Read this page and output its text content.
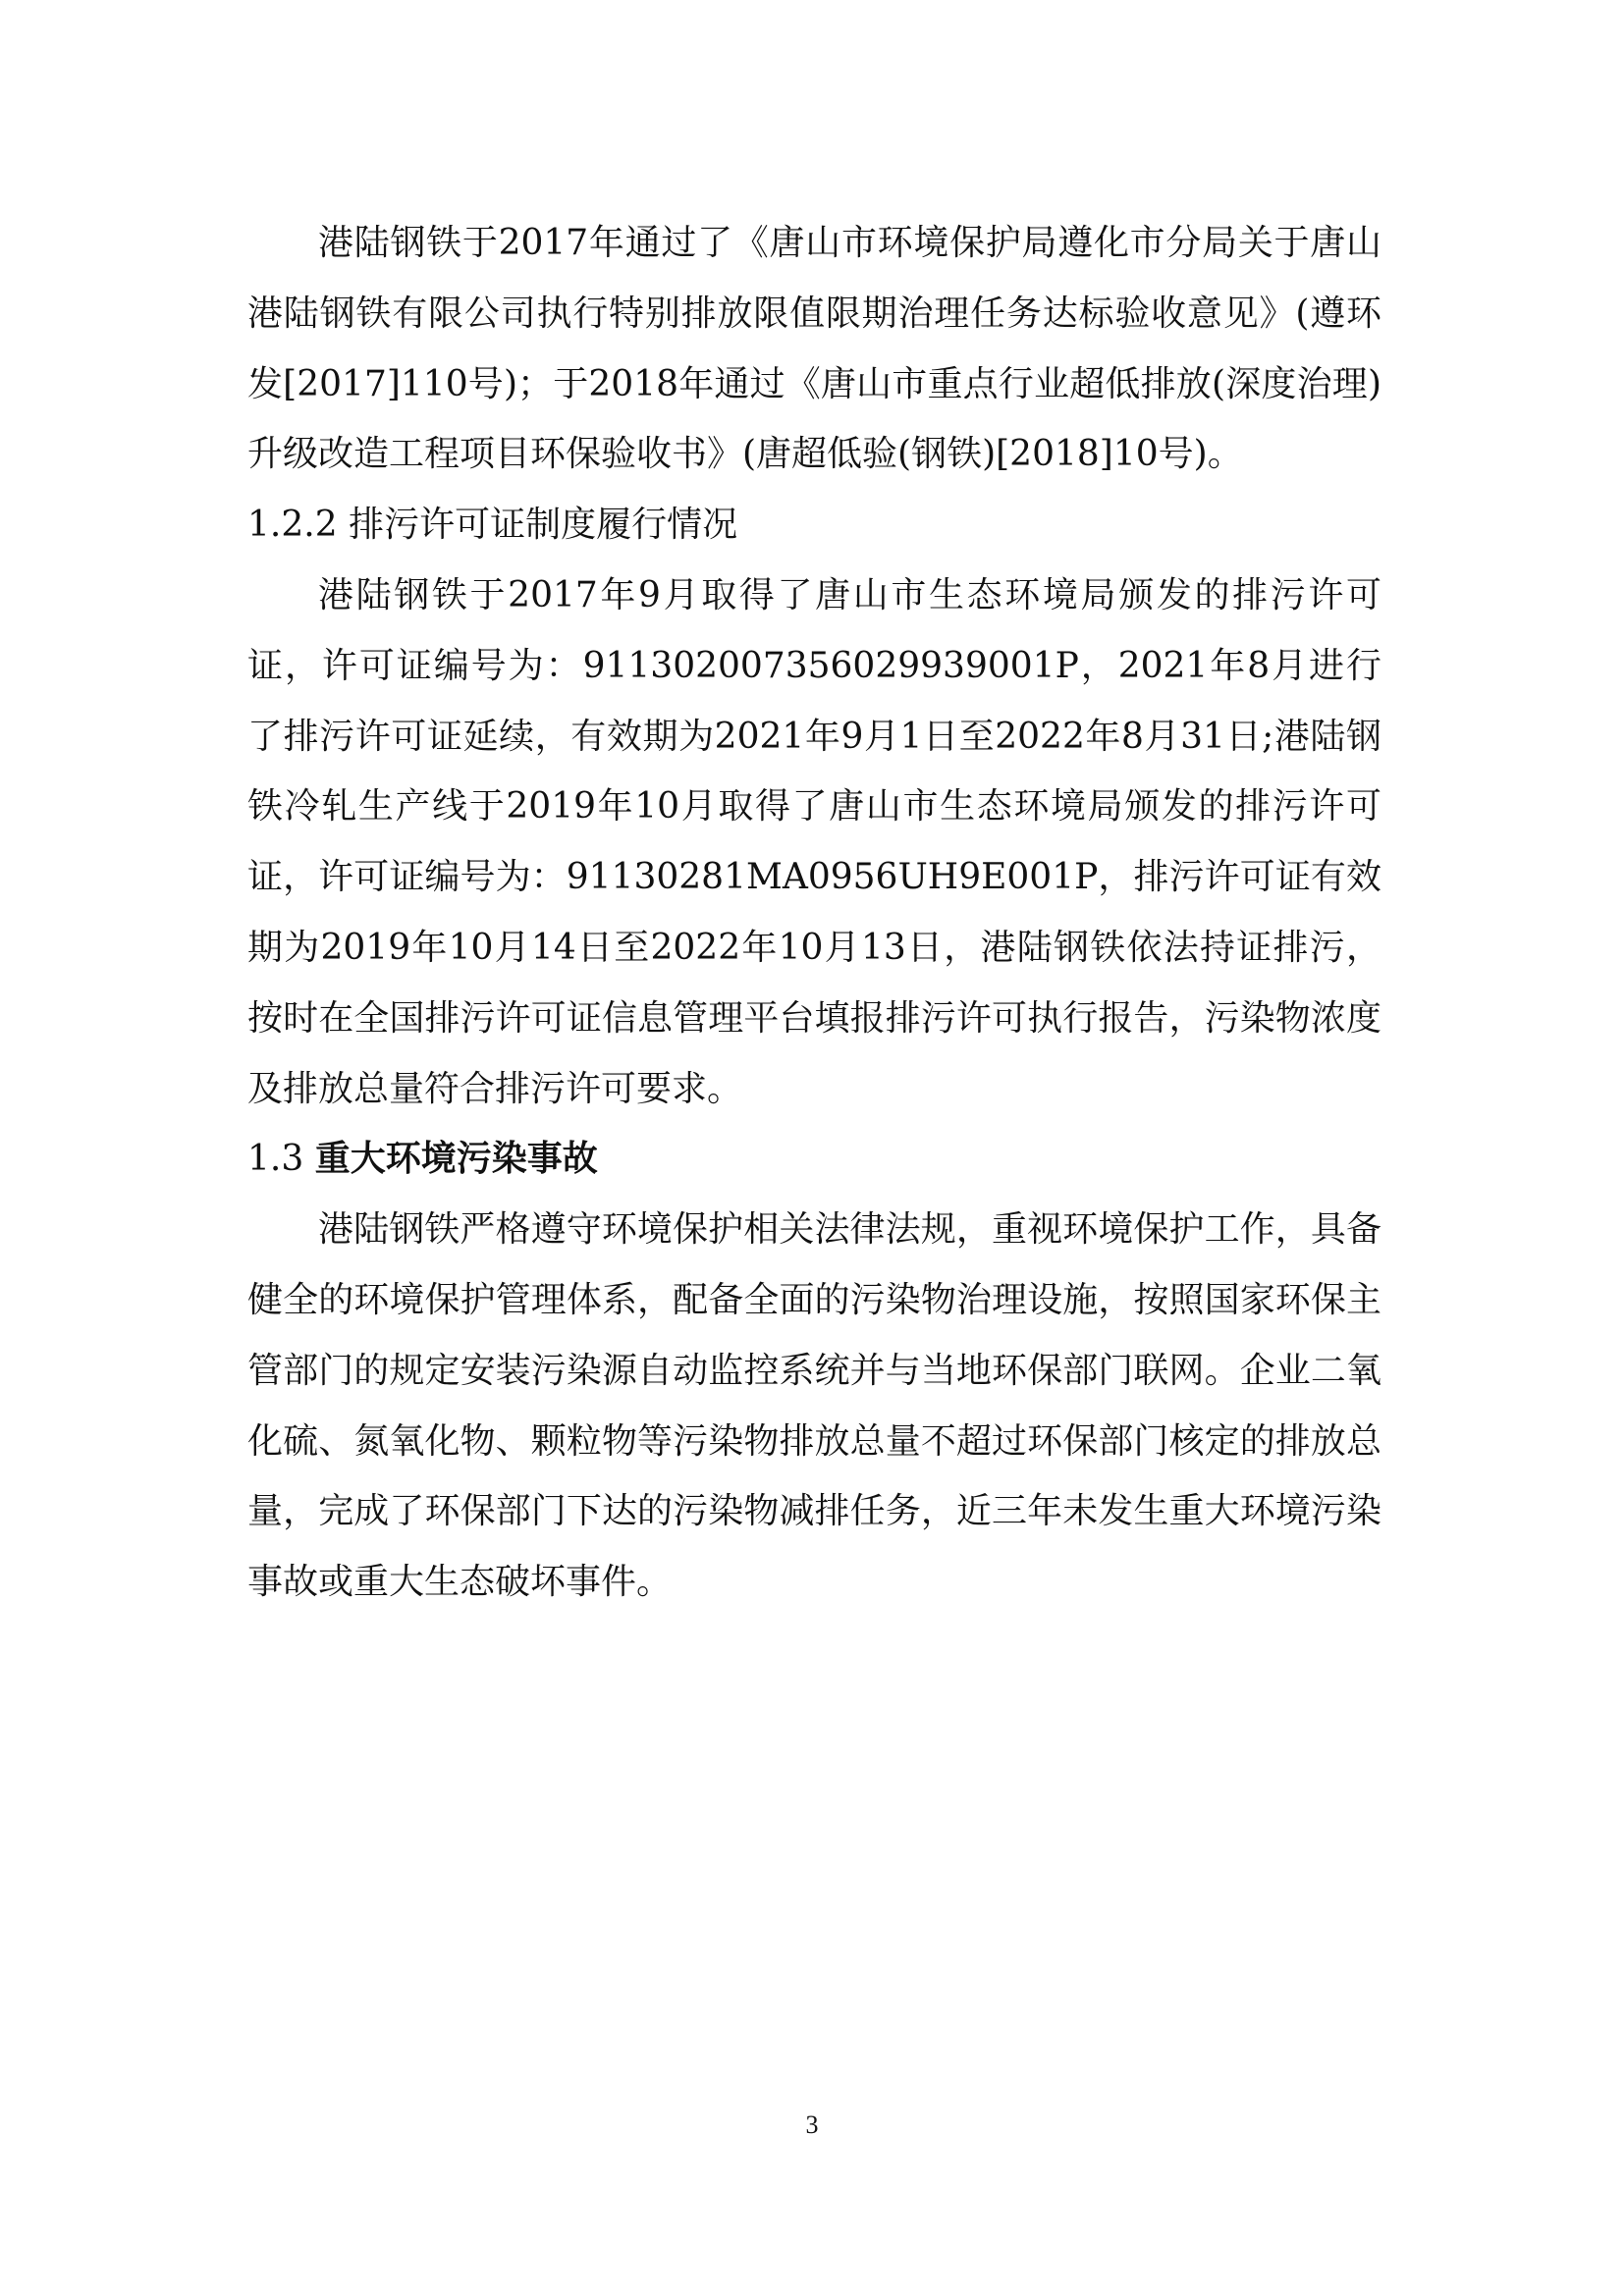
港陆钢铁于2017年通过了《唐山市环境保护局遵化市分局关于唐山港陆钢铁有限公司执行特别排放限值限期治理任务达标验收意见》(遵环发[2017]110号)；于2018年通过《唐山市重点行业超低排放(深度治理)升级改造工程项目环保验收书》(唐超低验(钢铁)[2018]10号)。

1.2.2 排污许可证制度履行情况

港陆钢铁于2017年9月取得了唐山市生态环境局颁发的排污许可证，许可证编号为：911302007356029939001P，2021年8月进行了排污许可证延续，有效期为2021年9月1日至2022年8月31日;港陆钢铁冷轧生产线于2019年10月取得了唐山市生态环境局颁发的排污许可证，许可证编号为：91130281MA0956UH9E001P，排污许可证有效期为2019年10月14日至2022年10月13日，港陆钢铁依法持证排污，按时在全国排污许可证信息管理平台填报排污许可执行报告，污染物浓度及排放总量符合排污许可要求。

1.3 重大环境污染事故

港陆钢铁严格遵守环境保护相关法律法规，重视环境保护工作，具备健全的环境保护管理体系，配备全面的污染物治理设施，按照国家环保主管部门的规定安装污染源自动监控系统并与当地环保部门联网。企业二氧化硫、氮氧化物、颗粒物等污染物排放总量不超过环保部门核定的排放总量，完成了环保部门下达的污染物减排任务，近三年未发生重大环境污染事故或重大生态破坏事件。

3
